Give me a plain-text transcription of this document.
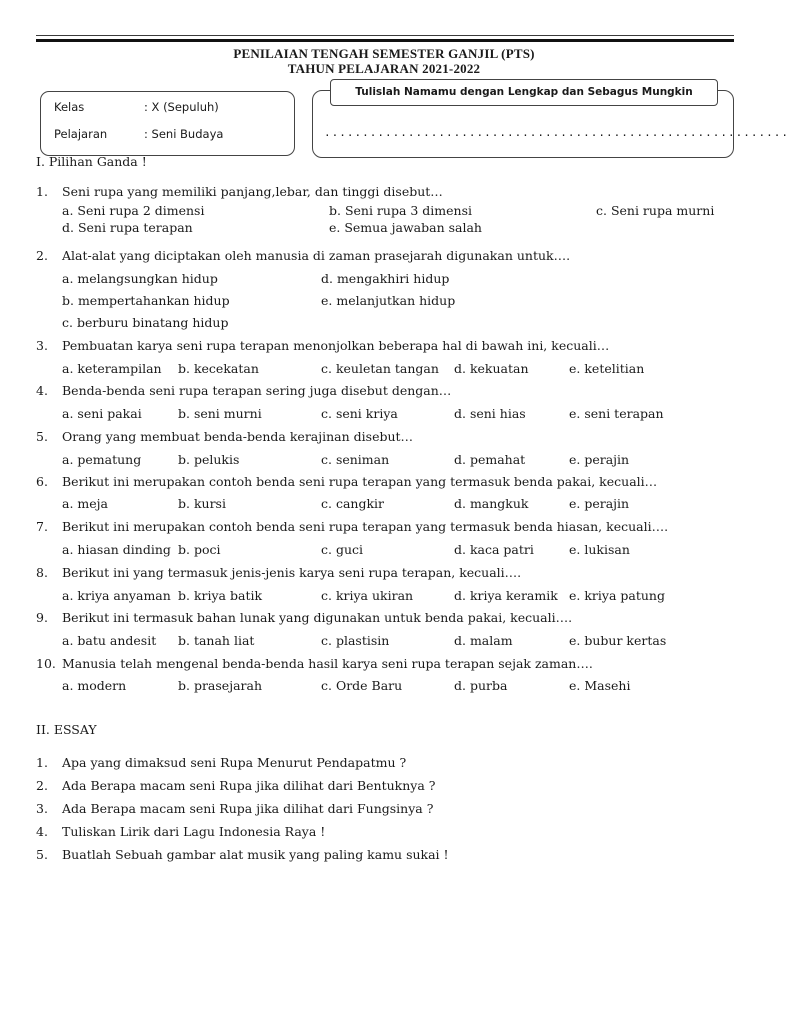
PENILAIAN TENGAH SEMESTER GANJIL (PTS)
TAHUN PELAJARAN 2021-2022
Kelas	: X (Sepuluh)
Pelajaran	: Seni Budaya
Tulislah Namamu dengan Lengkap dan Sebagus Mungkin
.............................................................
I. Pilihan Ganda !
1. Seni rupa yang memiliki panjang,lebar, dan tinggi disebut…
a. Seni rupa 2 dimensi	b. Seni rupa 3 dimensi	c. Seni rupa murni
d. Seni rupa terapan	e. Semua jawaban salah
2. Alat-alat yang diciptakan oleh manusia di zaman prasejarah digunakan untuk….
a. melangsungkan hidup	d. mengakhiri hidup
b. mempertahankan hidup	e. melanjutkan hidup
c. berburu binatang hidup
3. Pembuatan karya seni rupa terapan menonjolkan beberapa hal di bawah ini, kecuali…
a. keterampilan b. kecekatan	c. keuletan tangan d. kekuatan	e. ketelitian
4. Benda-benda seni rupa terapan sering juga disebut dengan…
a. seni pakai	b. seni murni	c. seni kriya	d. seni hias	e. seni terapan
5. Orang yang membuat benda-benda kerajinan disebut…
a. pematung	b. pelukis	c. seniman	d. pemahat	e. perajin
6. Berikut ini merupakan contoh benda seni rupa terapan yang termasuk benda pakai, kecuali…
a. meja	b. kursi	c. cangkir	d. mangkuk	e. perajin
7. Berikut ini merupakan contoh benda seni rupa terapan yang termasuk benda hiasan, kecuali….
a. hiasan dinding b. poci	c. guci	d. kaca patri	e. lukisan
8. Berikut ini yang termasuk jenis-jenis karya seni rupa terapan, kecuali….
a. kriya anyaman b. kriya batik	c. kriya ukiran	d. kriya keramik e. kriya patung
9. Berikut ini termasuk bahan lunak yang digunakan untuk benda pakai, kecuali….
a. batu andesit b. tanah liat	c. plastisin	d. malam	e. bubur kertas
10. Manusia telah mengenal benda-benda hasil karya seni rupa terapan sejak zaman….
a. modern	b. prasejarah	c. Orde Baru	d. purba	e. Masehi
II. ESSAY
1. Apa yang dimaksud seni Rupa Menurut Pendapatmu ?
2. Ada Berapa macam seni Rupa jika dilihat dari Bentuknya ?
3. Ada Berapa macam seni Rupa jika dilihat dari Fungsinya ?
4. Tuliskan Lirik dari Lagu Indonesia Raya !
5. Buatlah Sebuah gambar alat musik yang paling kamu sukai !
